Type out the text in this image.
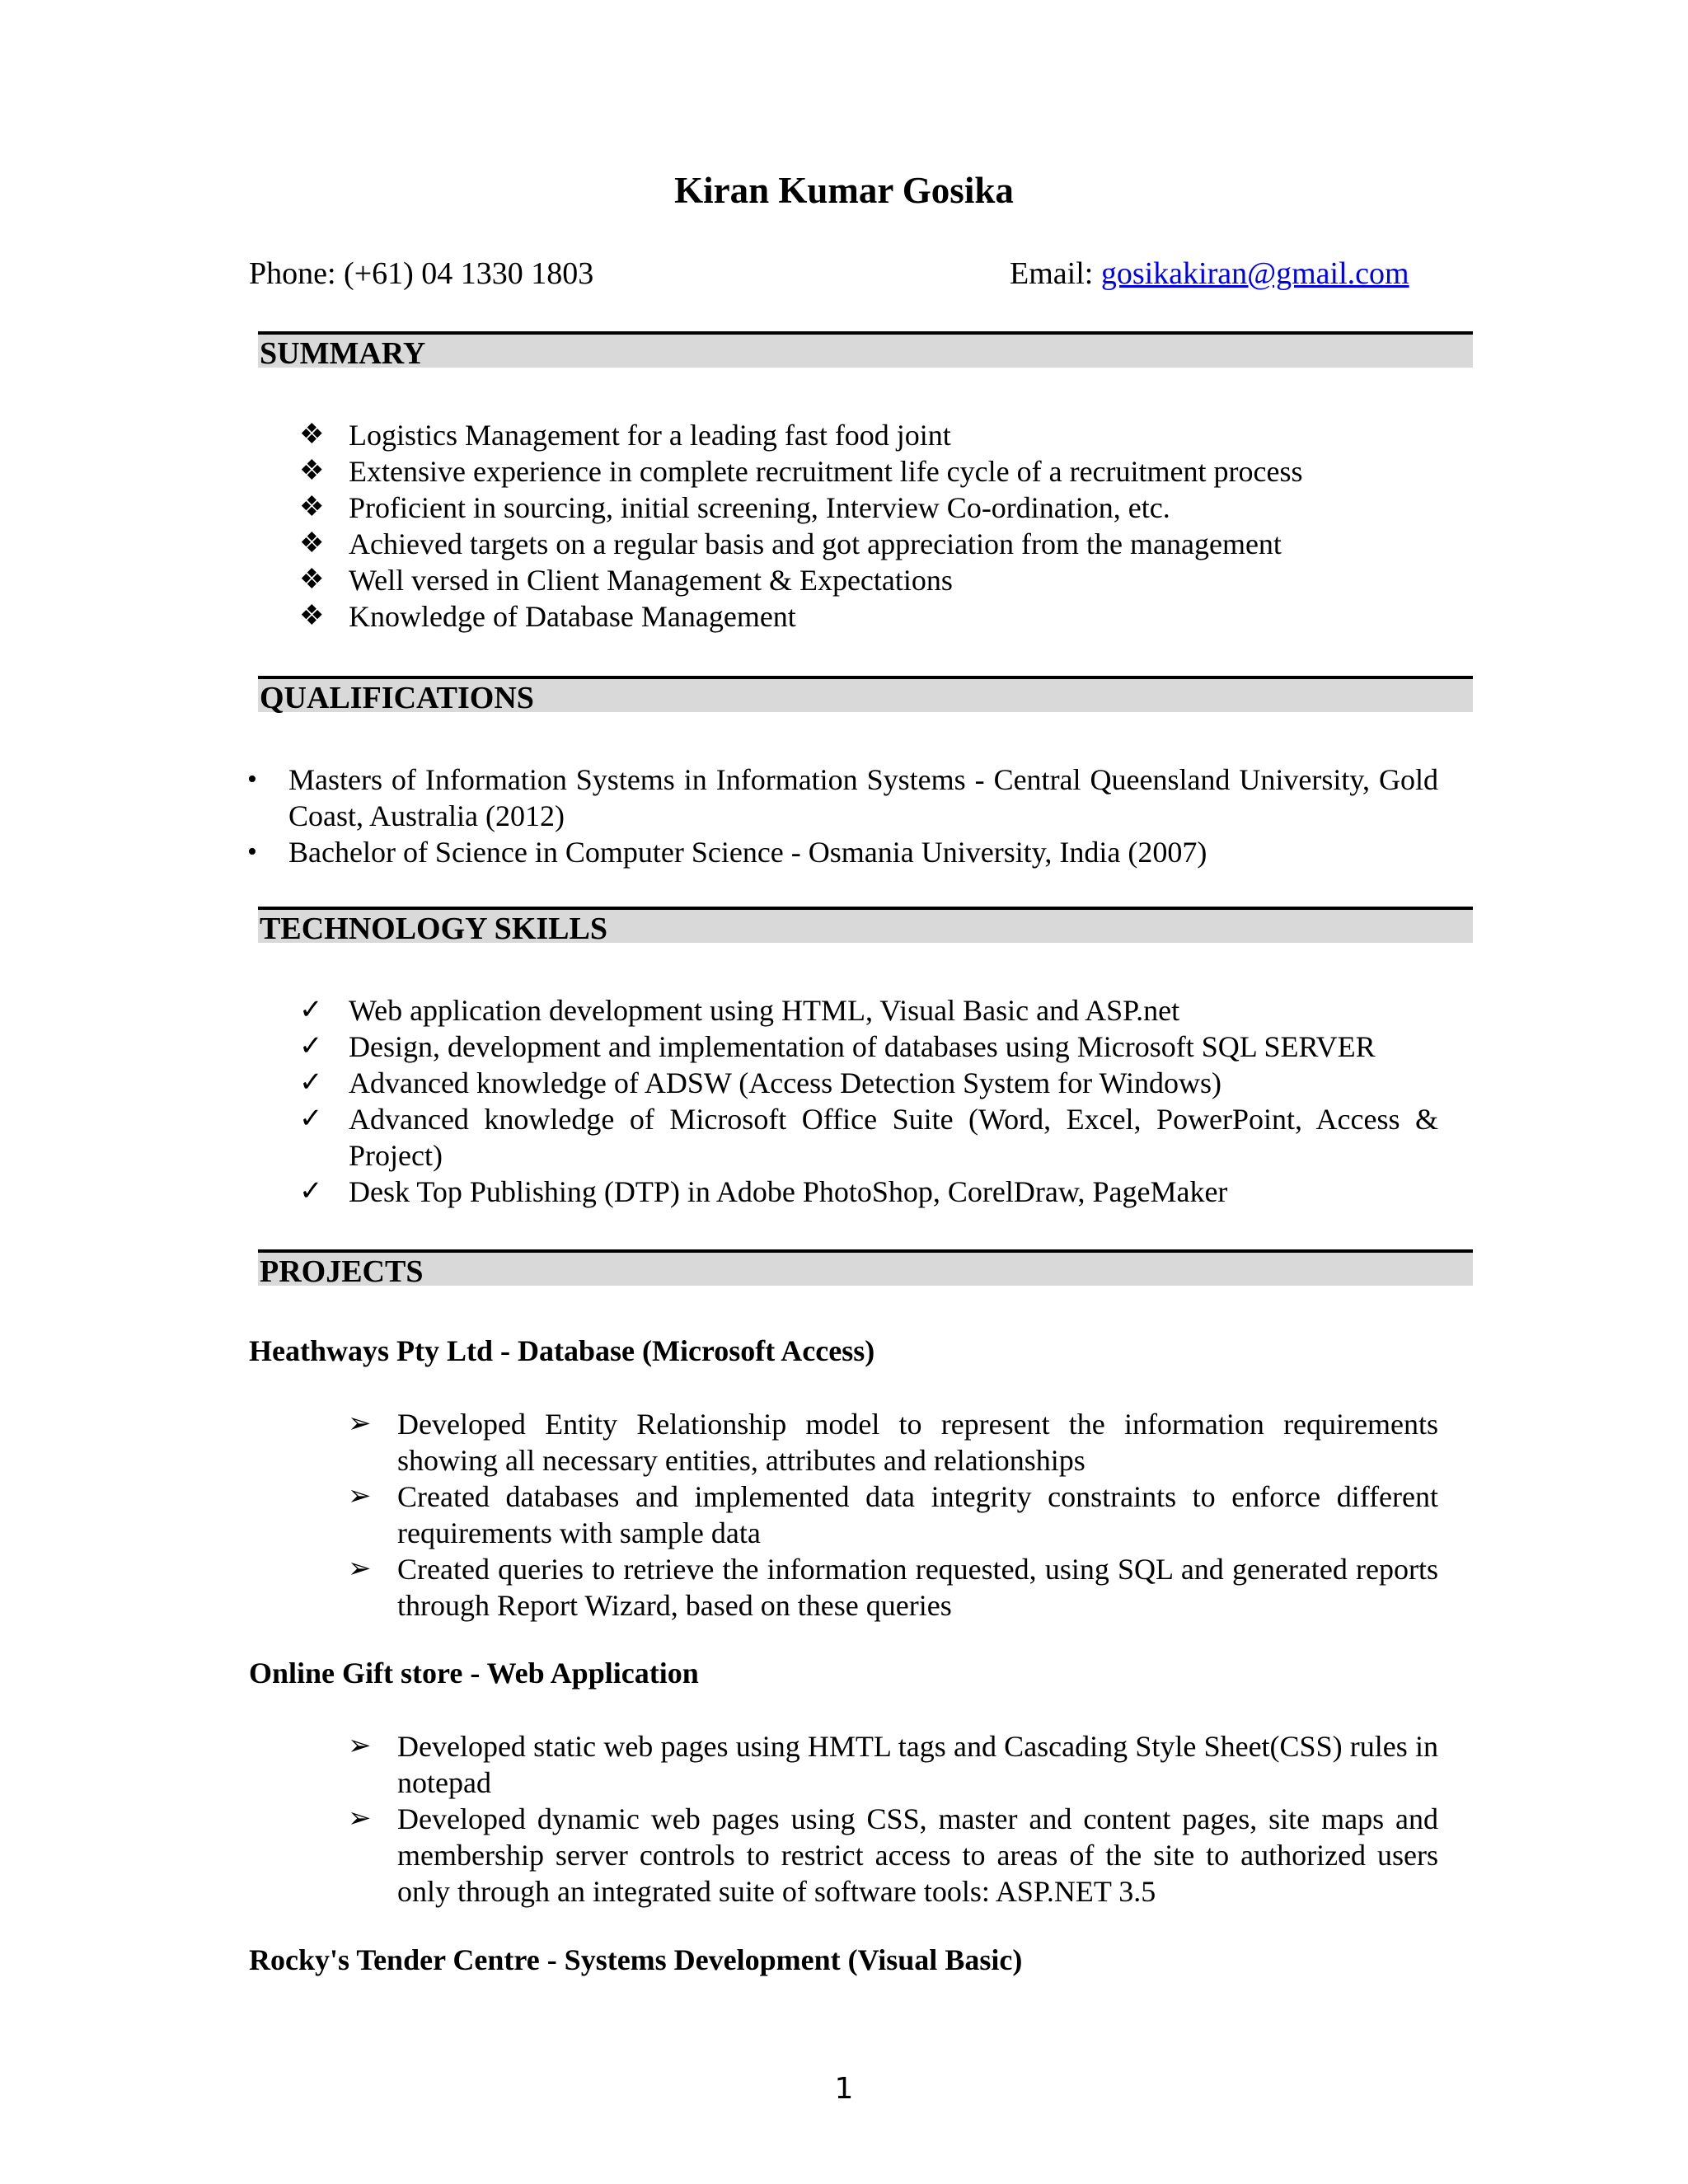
Kiran Kumar Gosika
Phone: (+61) 04 1330 1803	Email: gosikakiran@gmail.com
SUMMARY
❖ Logistics Management for a leading fast food joint
❖ Extensive experience in complete recruitment life cycle of a recruitment process
❖ Proficient in sourcing, initial screening, Interview Co-ordination, etc.
❖ Achieved targets on a regular basis and got appreciation from the management
❖ Well versed in Client Management & Expectations
❖ Knowledge of Database Management
QUALIFICATIONS
• Masters of Information Systems in Information Systems - Central Queensland University, Gold Coast, Australia (2012)
• Bachelor of Science in Computer Science - Osmania University, India (2007)
TECHNOLOGY SKILLS
✓ Web application development using HTML, Visual Basic and ASP.net
✓ Design, development and implementation of databases using Microsoft SQL SERVER
✓ Advanced knowledge of ADSW (Access Detection System for Windows)
✓ Advanced knowledge of Microsoft Office Suite (Word, Excel, PowerPoint, Access & Project)
✓ Desk Top Publishing (DTP) in Adobe PhotoShop, CorelDraw, PageMaker
PROJECTS
Heathways Pty Ltd - Database (Microsoft Access)
➢ Developed Entity Relationship model to represent the information requirements showing all necessary entities, attributes and relationships
➢ Created databases and implemented data integrity constraints to enforce different requirements with sample data
➢ Created queries to retrieve the information requested, using SQL and generated reports through Report Wizard, based on these queries
Online Gift store - Web Application
➢ Developed static web pages using HMTL tags and Cascading Style Sheet(CSS) rules in notepad
➢ Developed dynamic web pages using CSS, master and content pages, site maps and membership server controls to restrict access to areas of the site to authorized users only through an integrated suite of software tools: ASP.NET 3.5
Rocky's Tender Centre - Systems Development (Visual Basic)
1
